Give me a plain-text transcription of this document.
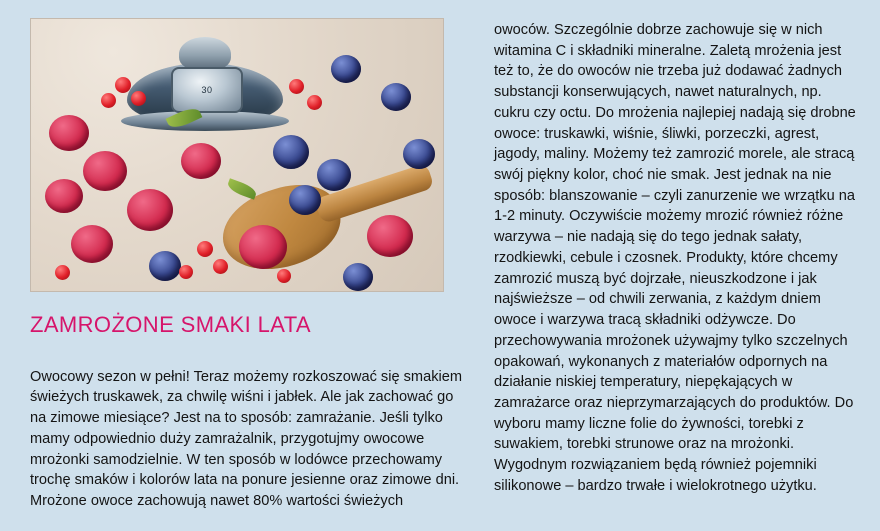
30
ZAMROŻONE SMAKI LATA

Owocowy sezon w pełni! Teraz możemy rozkoszować się smakiem świeżych truskawek, za chwilę wiśni i jabłek. Ale jak zachować go na zimowe miesiące? Jest na to sposób: zamrażanie. Jeśli tylko mamy odpowiednio duży zamrażalnik, przygotujmy owocowe mrożonki samodzielnie. W ten sposób w lodówce przechowamy trochę smaków i kolorów lata na ponure jesienne oraz zimowe dni. Mrożone owoce zachowują nawet 80% wartości świeżych

owoców. Szczególnie dobrze zachowuje się w nich witamina C i składniki mineralne. Zaletą mrożenia jest też to, że do owoców nie trzeba już dodawać żadnych substancji konserwujących, nawet naturalnych, np. cukru czy octu. Do mrożenia najlepiej nadają się drobne owoce: truskawki, wiśnie, śliwki, porzeczki, agrest, jagody, maliny. Możemy też zamrozić morele, ale stracą swój piękny kolor, choć nie smak. Jest jednak na nie sposób: blanszowanie – czyli zanurzenie we wrzątku na 1-2 minuty. Oczywiście możemy mrozić również różne warzywa – nie nadają się do tego jednak sałaty, rzodkiewki, cebule i czosnek. Produkty, które chcemy zamrozić muszą być dojrzałe, nieuszkodzone i jak najświeższe – od chwili zerwania, z każdym dniem owoce i warzywa tracą składniki odżywcze. Do przechowywania mrożonek używajmy tylko szczelnych opakowań, wykonanych z materiałów odpornych na działanie niskiej temperatury, niepękających w zamrażarce oraz nieprzymarzających do produktów. Do wyboru mamy liczne folie do żywności, torebki z suwakiem, torebki strunowe oraz na mrożonki. Wygodnym rozwiązaniem będą również pojemniki silikonowe – bardzo trwałe i wielokrotnego użytku.
